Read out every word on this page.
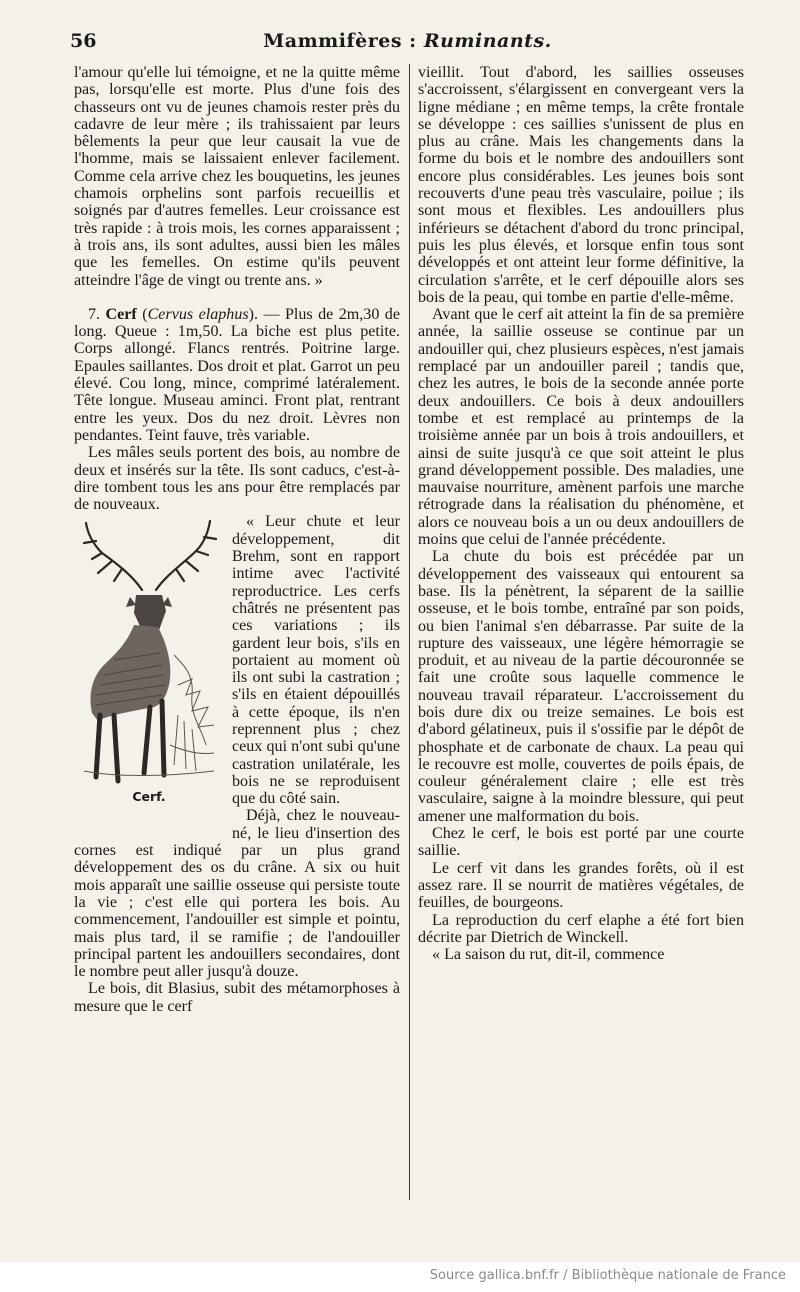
56	Mammifères : Ruminants.

l'amour qu'elle lui témoigne, et ne la quitte même pas, lorsqu'elle est morte. Plus d'une fois des chasseurs ont vu de jeunes chamois rester près du cadavre de leur mère ; ils trahissaient par leurs bêlements la peur que leur causait la vue de l'homme, mais se laissaient enlever facilement. Comme cela arrive chez les bouquetins, les jeunes chamois orphelins sont parfois recueillis et soignés par d'autres femelles. Leur croissance est très rapide : à trois mois, les cornes apparaissent ; à trois ans, ils sont adultes, aussi bien les mâles que les femelles. On estime qu'ils peuvent atteindre l'âge de vingt ou trente ans. »

7. Cerf (Cervus elaphus). — Plus de 2m,30 de long. Queue : 1m,50. La biche est plus petite. Corps allongé. Flancs rentrés. Poitrine large. Epaules saillantes. Dos droit et plat. Garrot un peu élevé. Cou long, mince, comprimé latéralement. Tête longue. Museau aminci. Front plat, rentrant entre les yeux. Dos du nez droit. Lèvres non pendantes. Teint fauve, très variable.

Les mâles seuls portent des bois, au nombre de deux et insérés sur la tête. Ils sont caducs, c'est-à-dire tombent tous les ans pour être remplacés par de nouveaux.

Cerf.

« Leur chute et leur développement, dit Brehm, sont en rapport intime avec l'activité reproductrice. Les cerfs châtrés ne présentent pas ces variations ; ils gardent leur bois, s'ils en portaient au moment où ils ont subi la castration ; s'ils en étaient dépouillés à cette époque, ils n'en reprennent plus ; chez ceux qui n'ont subi qu'une castration unilatérale, les bois ne se reproduisent que du côté sain.

Déjà, chez le nouveau-né, le lieu d'insertion des cornes est indiqué par un plus grand développement des os du crâne. A six ou huit mois apparaît une saillie osseuse qui persiste toute la vie ; c'est elle qui portera les bois. Au commencement, l'andouiller est simple et pointu, mais plus tard, il se ramifie ; de l'andouiller principal partent les andouillers secondaires, dont le nombre peut aller jusqu'à douze.

Le bois, dit Blasius, subit des métamorphoses à mesure que le cerf

vieillit. Tout d'abord, les saillies osseuses s'accroissent, s'élargissent en convergeant vers la ligne médiane ; en même temps, la crête frontale se développe : ces saillies s'unissent de plus en plus au crâne. Mais les changements dans la forme du bois et le nombre des andouillers sont encore plus considérables. Les jeunes bois sont recouverts d'une peau très vasculaire, poilue ; ils sont mous et flexibles. Les andouillers plus inférieurs se détachent d'abord du tronc principal, puis les plus élevés, et lorsque enfin tous sont développés et ont atteint leur forme définitive, la circulation s'arrête, et le cerf dépouille alors ses bois de la peau, qui tombe en partie d'elle-même.

Avant que le cerf ait atteint la fin de sa première année, la saillie osseuse se continue par un andouiller qui, chez plusieurs espèces, n'est jamais remplacé par un andouiller pareil ; tandis que, chez les autres, le bois de la seconde année porte deux andouillers. Ce bois à deux andouillers tombe et est remplacé au printemps de la troisième année par un bois à trois andouillers, et ainsi de suite jusqu'à ce que soit atteint le plus grand développement possible. Des maladies, une mauvaise nourriture, amènent parfois une marche rétrograde dans la réalisation du phénomène, et alors ce nouveau bois a un ou deux andouillers de moins que celui de l'année précédente.

La chute du bois est précédée par un développement des vaisseaux qui entourent sa base. Ils la pénètrent, la séparent de la saillie osseuse, et le bois tombe, entraîné par son poids, ou bien l'animal s'en débarrasse. Par suite de la rupture des vaisseaux, une légère hémorragie se produit, et au niveau de la partie découronnée se fait une croûte sous laquelle commence le nouveau travail réparateur. L'accroissement du bois dure dix ou treize semaines. Le bois est d'abord gélatineux, puis il s'ossifie par le dépôt de phosphate et de carbonate de chaux. La peau qui le recouvre est molle, couvertes de poils épais, de couleur généralement claire ; elle est très vasculaire, saigne à la moindre blessure, qui peut amener une malformation du bois.

Chez le cerf, le bois est porté par une courte saillie.

Le cerf vit dans les grandes forêts, où il est assez rare. Il se nourrit de matières végétales, de feuilles, de bourgeons.

La reproduction du cerf elaphe a été fort bien décrite par Dietrich de Winckell.

« La saison du rut, dit-il, commence

Source gallica.bnf.fr / Bibliothèque nationale de France
